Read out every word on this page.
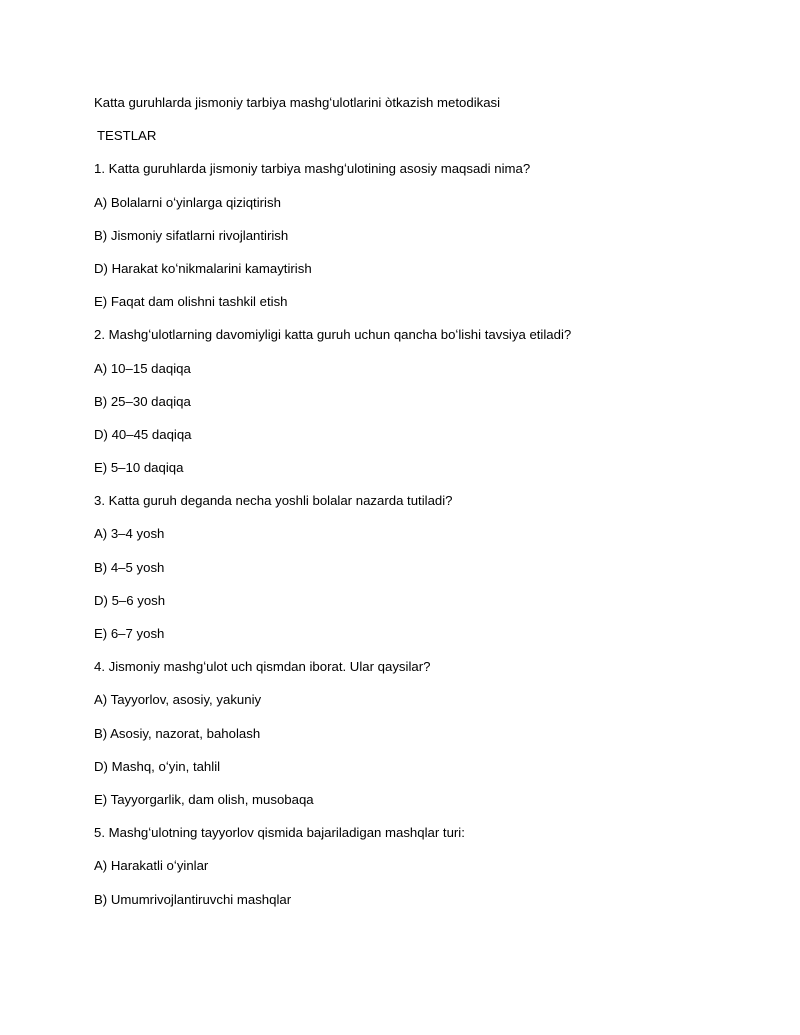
Katta guruhlarda jismoniy tarbiya mashgʻulotlarini òtkazish metodikasi
TESTLAR
1. Katta guruhlarda jismoniy tarbiya mashgʻulotining asosiy maqsadi nima?
A) Bolalarni oʻyinlarga qiziqtirish
B) Jismoniy sifatlarni rivojlantirish
D) Harakat koʻnikmalarini kamaytirish
E) Faqat dam olishni tashkil etish
2. Mashgʻulotlarning davomiyligi katta guruh uchun qancha boʻlishi tavsiya etiladi?
A) 10–15 daqiqa
B) 25–30 daqiqa
D) 40–45 daqiqa
E) 5–10 daqiqa
3. Katta guruh deganda necha yoshli bolalar nazarda tutiladi?
A) 3–4 yosh
B) 4–5 yosh
D) 5–6 yosh
E) 6–7 yosh
4. Jismoniy mashgʻulot uch qismdan iborat. Ular qaysilar?
A) Tayyorlov, asosiy, yakuniy
B) Asosiy, nazorat, baholash
D) Mashq, oʻyin, tahlil
E) Tayyorgarlik, dam olish, musobaqa
5. Mashgʻulotning tayyorlov qismida bajariladigan mashqlar turi:
A) Harakatli oʻyinlar
B) Umumrivojlantiruvchi mashqlar
